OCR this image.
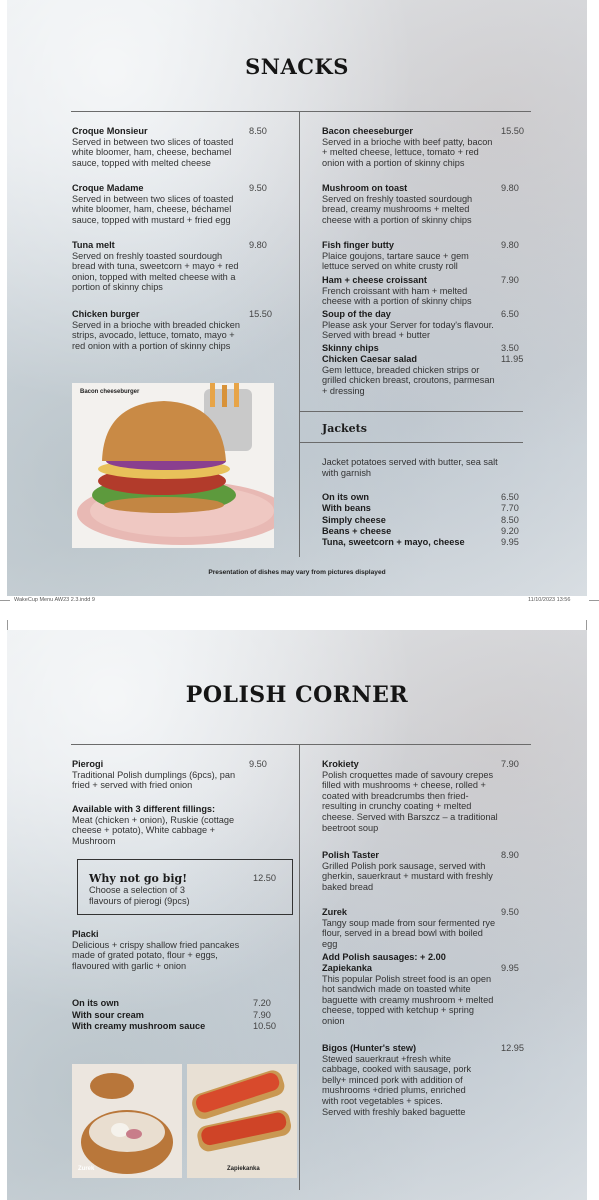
SNACKS
Croque Monsieur
Served in between two slices of toasted white bloomer, ham, cheese, bechamel sauce, topped with melted cheese
8.50
Croque Madame
Served in between two slices of toasted white bloomer, ham, cheese, béchamel sauce, topped with mustard + fried egg
9.50
Tuna melt
Served on freshly toasted sourdough bread with tuna, sweetcorn + mayo + red onion, topped with melted cheese with a portion of skinny chips
9.80
Chicken burger
Served in a brioche with breaded chicken strips, avocado, lettuce, tomato, mayo + red onion with a portion of skinny chips
15.50
Bacon cheeseburger
Bacon cheeseburger
Served in a brioche with beef patty, bacon + melted cheese, lettuce, tomato + red onion with a portion of skinny chips
15.50
Mushroom on toast
Served on freshly toasted sourdough bread, creamy mushrooms + melted cheese with a portion of skinny chips
9.80
Fish finger butty
Plaice goujons, tartare sauce + gem lettuce served on white crusty roll
9.80
Ham + cheese croissant
French croissant with ham + melted cheese with a portion of skinny chips
7.90
Soup of the day
Please ask your Server for today's flavour. Served with bread + butter
6.50
Skinny chips	3.50
Chicken Caesar salad
Gem lettuce, breaded chicken strips or grilled chicken breast, croutons, parmesan + dressing
11.95
Jackets
Jacket potatoes served with butter, sea salt with garnish
On its own	6.50
With beans	7.70
Simply cheese	8.50
Beans + cheese	9.20
Tuna, sweetcorn + mayo, cheese	9.95
Presentation of dishes may vary from pictures displayed
WakeCup Menu AW23 2.3.indd 9	11/10/2023 13:56
POLISH CORNER
Pierogi
Traditional Polish dumplings (6pcs), pan fried + served with fried onion
9.50
Available with 3 different fillings:
Meat (chicken + onion), Ruskie (cottage cheese + potato), White cabbage + Mushroom
Why not go big!
Choose a selection of 3 flavours of pierogi (9pcs)
12.50
Placki
Delicious + crispy shallow fried pancakes made of grated potato, flour + eggs, flavoured with garlic + onion
On its own	7.20
With sour cream	7.90
With creamy mushroom sauce	10.50
Zurek	Zapiekanka
Krokiety
Polish croquettes made of savoury crepes filled with mushrooms + cheese, rolled + coated with breadcrumbs then fried- resulting in crunchy coating + melted cheese. Served with Barszcz – a traditional beetroot soup
7.90
Polish Taster
Grilled Polish pork sausage, served with gherkin, sauerkraut + mustard with freshly baked bread
8.90
Zurek
Tangy soup made from sour fermented rye flour, served in a bread bowl with boiled egg
9.50
Add Polish sausages: + 2.00
Zapiekanka
This popular Polish street food is an open hot sandwich made on toasted white baguette with creamy mushroom + melted cheese, topped with ketchup + spring onion
9.95
Bigos (Hunter's stew)
Stewed sauerkraut +fresh white cabbage, cooked with sausage, pork belly+ minced pork with addition of mushrooms +dried plums, enriched with root vegetables + spices. Served with freshly baked baguette
12.95
